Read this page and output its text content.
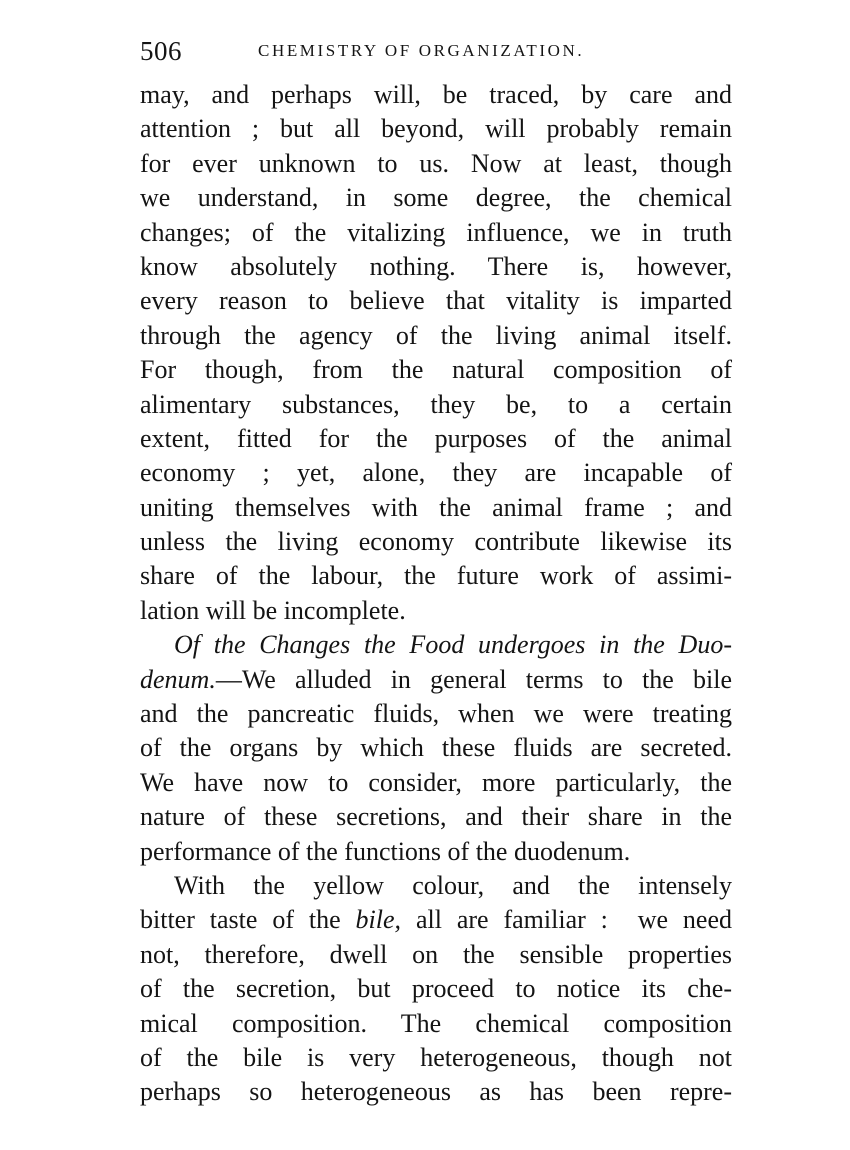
506	CHEMISTRY OF ORGANIZATION.
may, and perhaps will, be traced, by care and
attention ; but all beyond, will probably remain
for ever unknown to us. Now at least, though
we understand, in some degree, the chemical
changes; of the vitalizing influence, we in truth
know absolutely nothing. There is, however,
every reason to believe that vitality is imparted
through the agency of the living animal itself.
For though, from the natural composition of
alimentary substances, they be, to a certain
extent, fitted for the purposes of the animal
economy ; yet, alone, they are incapable of
uniting themselves with the animal frame ; and
unless the living economy contribute likewise its
share of the labour, the future work of assimi-
lation will be incomplete.
Of the Changes the Food undergoes in the Duo-
denum.—We alluded in general terms to the bile
and the pancreatic fluids, when we were treating
of the organs by which these fluids are secreted.
We have now to consider, more particularly, the
nature of these secretions, and their share in the
performance of the functions of the duodenum.
With the yellow colour, and the intensely
bitter taste of the bile, all are familiar :  we need
not, therefore, dwell on the sensible properties
of the secretion, but proceed to notice its che-
mical composition. The chemical composition
of the bile is very heterogeneous, though not
perhaps so heterogeneous as has been repre-
